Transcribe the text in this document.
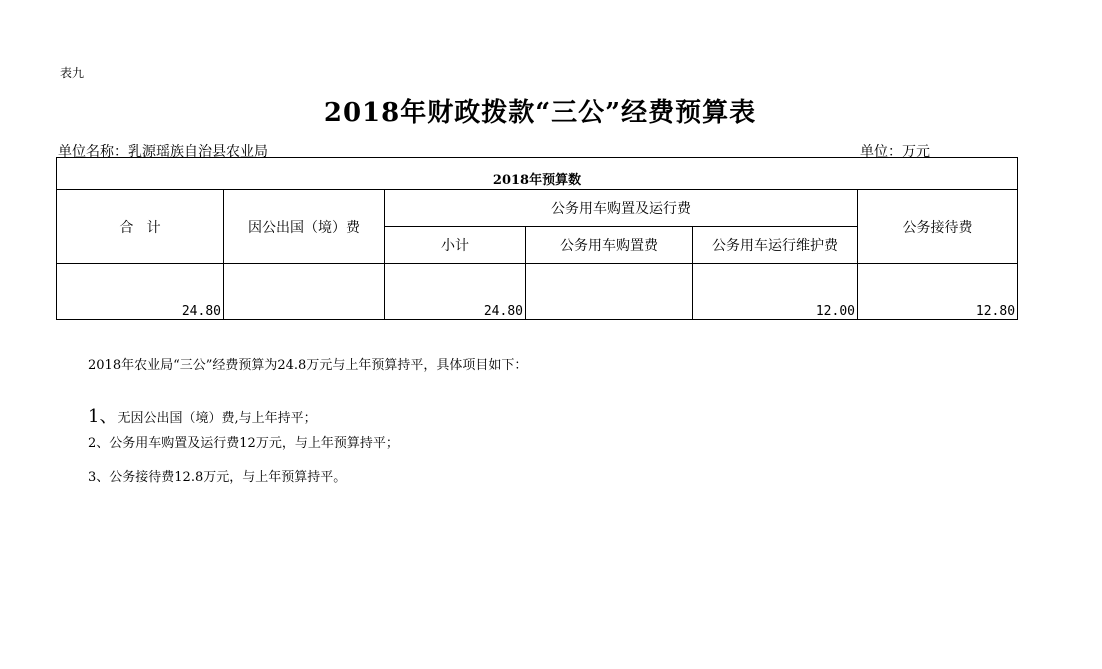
表九
2018年财政拨款“三公”经费预算表
单位名称：乳源瑶族自治县农业局	单位：万元
2018年预算数					
合   计	因公出国（境）费	公务用车购置及运行费			公务接待费
		小计	公务用车购置费	公务用车运行维护费	
24.80		24.80		12.00	12.80
2018年农业局“三公”经费预算为24.8万元与上年预算持平，具体项目如下：
1、无因公出国（境）费,与上年持平；
2、公务用车购置及运行费12万元，与上年预算持平；
3、公务接待费12.8万元，与上年预算持平。
